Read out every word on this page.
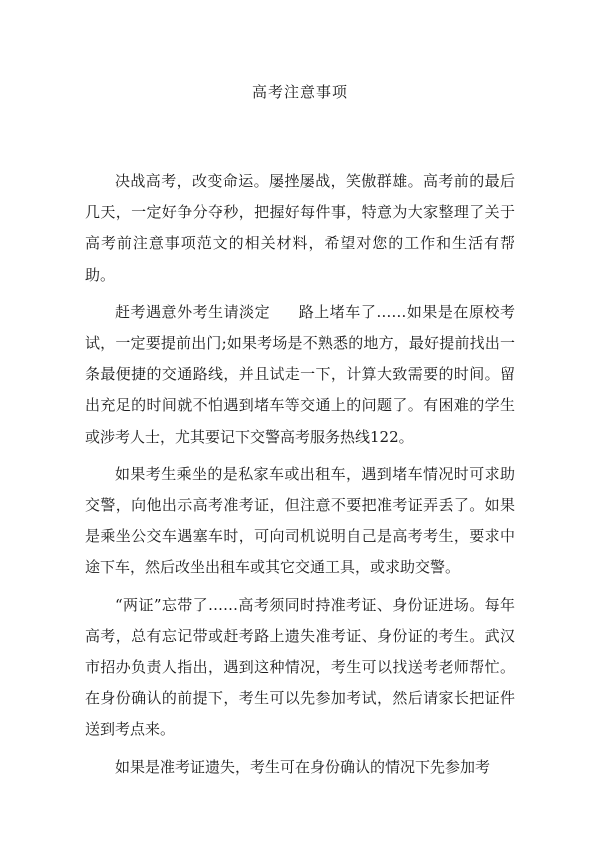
高考注意事项

决战高考，改变命运。屡挫屡战，笑傲群雄。高考前的最后几天，一定好争分夺秒，把握好每件事，特意为大家整理了关于高考前注意事项范文的相关材料，希望对您的工作和生活有帮助。

赶考遇意外考生请淡定 路上堵车了……如果是在原校考试，一定要提前出门;如果考场是不熟悉的地方，最好提前找出一条最便捷的交通路线，并且试走一下，计算大致需要的时间。留出充足的时间就不怕遇到堵车等交通上的问题了。有困难的学生或涉考人士，尤其要记下交警高考服务热线122。

如果考生乘坐的是私家车或出租车，遇到堵车情况时可求助交警，向他出示高考准考证，但注意不要把准考证弄丢了。如果是乘坐公交车遇塞车时，可向司机说明自己是高考考生，要求中途下车，然后改坐出租车或其它交通工具，或求助交警。

“两证”忘带了……高考须同时持准考证、身份证进场。每年高考，总有忘记带或赶考路上遗失准考证、身份证的考生。武汉市招办负责人指出，遇到这种情况，考生可以找送考老师帮忙。在身份确认的前提下，考生可以先参加考试，然后请家长把证件送到考点来。

如果是准考证遗失，考生可在身份确认的情况下先参加考
